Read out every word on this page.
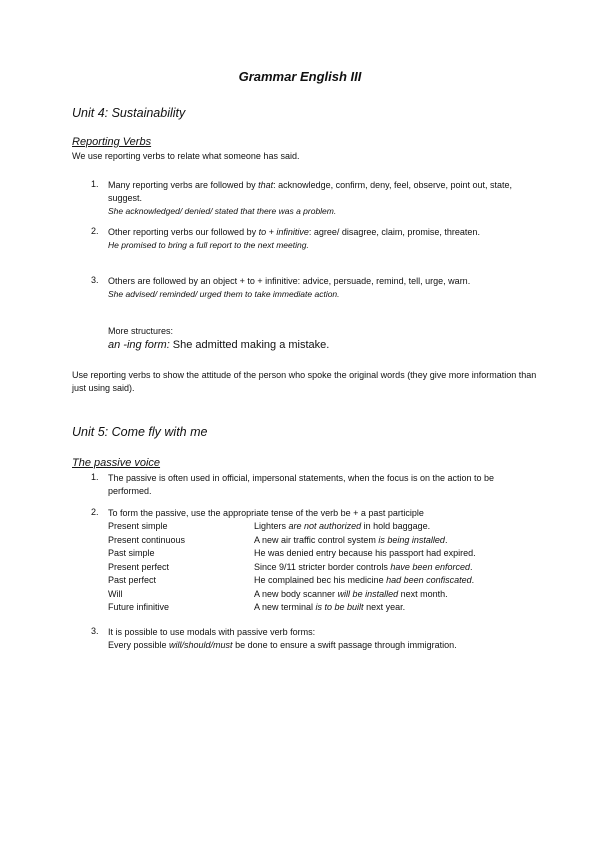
Grammar English III
Unit 4: Sustainability
Reporting Verbs
We use reporting verbs to relate what someone has said.
1. Many reporting verbs are followed by that: acknowledge, confirm, deny, feel, observe, point out, state, suggest.
She acknowledged/ denied/ stated that there was a problem.
2. Other reporting verbs our followed by to + infinitive: agree/ disagree, claim, promise, threaten.
He promised to bring a full report to the next meeting.
3. Others are followed by an object + to + infinitive: advice, persuade, remind, tell, urge, warn.
She advised/ reminded/ urged them to take immediate action.
More structures:
an -ing form: She admitted making a mistake.
Use reporting verbs to show the attitude of the person who spoke the original words (they give more information than just using said).
Unit 5: Come fly with me
The passive voice
1. The passive is often used in official, impersonal statements, when the focus is on the action to be performed.
2. To form the passive, use the appropriate tense of the verb be + a past participle
Present simple	Lighters are not authorized in hold baggage.
Present continuous	A new air traffic control system is being installed.
Past simple	He was denied entry because his passport had expired.
Present perfect	Since 9/11 stricter border controls have been enforced.
Past perfect	He complained bec his medicine had been confiscated.
Will	A new body scanner will be installed next month.
Future infinitive	A new terminal is to be built next year.
3. It is possible to use modals with passive verb forms:
Every possible will/should/must be done to ensure a swift passage through immigration.
